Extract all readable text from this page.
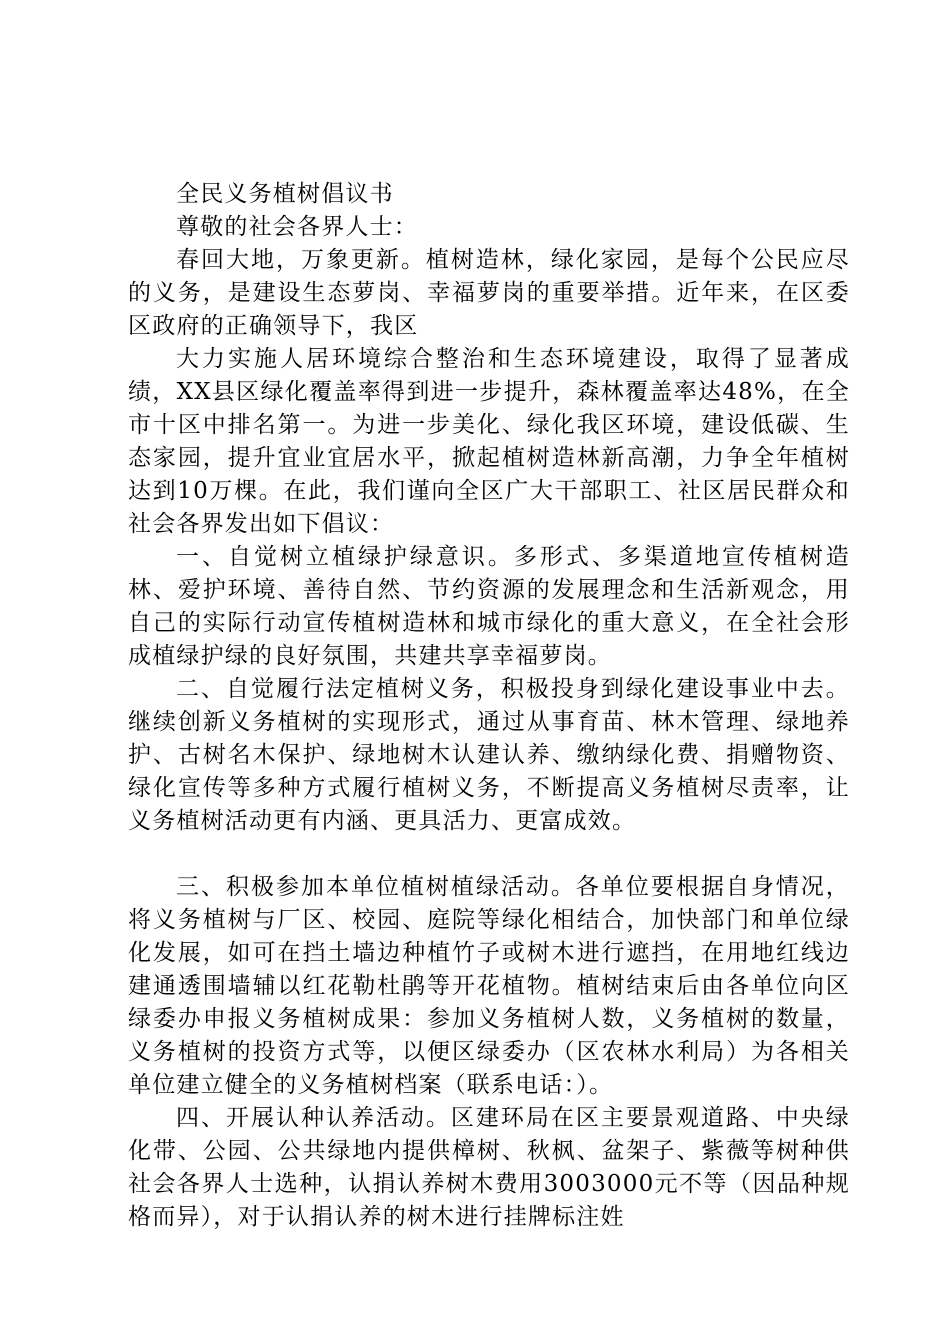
全民义务植树倡议书

尊敬的社会各界人士：

春回大地，万象更新。植树造林，绿化家园，是每个公民应尽的义务，是建设生态萝岗、幸福萝岗的重要举措。近年来，在区委区政府的正确领导下，我区

大力实施人居环境综合整治和生态环境建设，取得了显著成绩，XX县区绿化覆盖率得到进一步提升，森林覆盖率达48%，在全市十区中排名第一。为进一步美化、绿化我区环境，建设低碳、生态家园，提升宜业宜居水平，掀起植树造林新高潮，力争全年植树达到10万棵。在此，我们谨向全区广大干部职工、社区居民群众和社会各界发出如下倡议：

一、自觉树立植绿护绿意识。多形式、多渠道地宣传植树造林、爱护环境、善待自然、节约资源的发展理念和生活新观念，用自己的实际行动宣传植树造林和城市绿化的重大意义，在全社会形成植绿护绿的良好氛围，共建共享幸福萝岗。

二、自觉履行法定植树义务，积极投身到绿化建设事业中去。继续创新义务植树的实现形式，通过从事育苗、林木管理、绿地养护、古树名木保护、绿地树木认建认养、缴纳绿化费、捐赠物资、绿化宣传等多种方式履行植树义务，不断提高义务植树尽责率，让义务植树活动更有内涵、更具活力、更富成效。

三、积极参加本单位植树植绿活动。各单位要根据自身情况，将义务植树与厂区、校园、庭院等绿化相结合，加快部门和单位绿化发展，如可在挡土墙边种植竹子或树木进行遮挡，在用地红线边建通透围墙辅以红花勒杜鹃等开花植物。植树结束后由各单位向区绿委办申报义务植树成果：参加义务植树人数，义务植树的数量，义务植树的投资方式等，以便区绿委办（区农林水利局）为各相关单位建立健全的义务植树档案（联系电话：）。

四、开展认种认养活动。区建环局在区主要景观道路、中央绿化带、公园、公共绿地内提供樟树、秋枫、盆架子、紫薇等树种供社会各界人士选种，认捐认养树木费用3003000元不等（因品种规格而异），对于认捐认养的树木进行挂牌标注姓
